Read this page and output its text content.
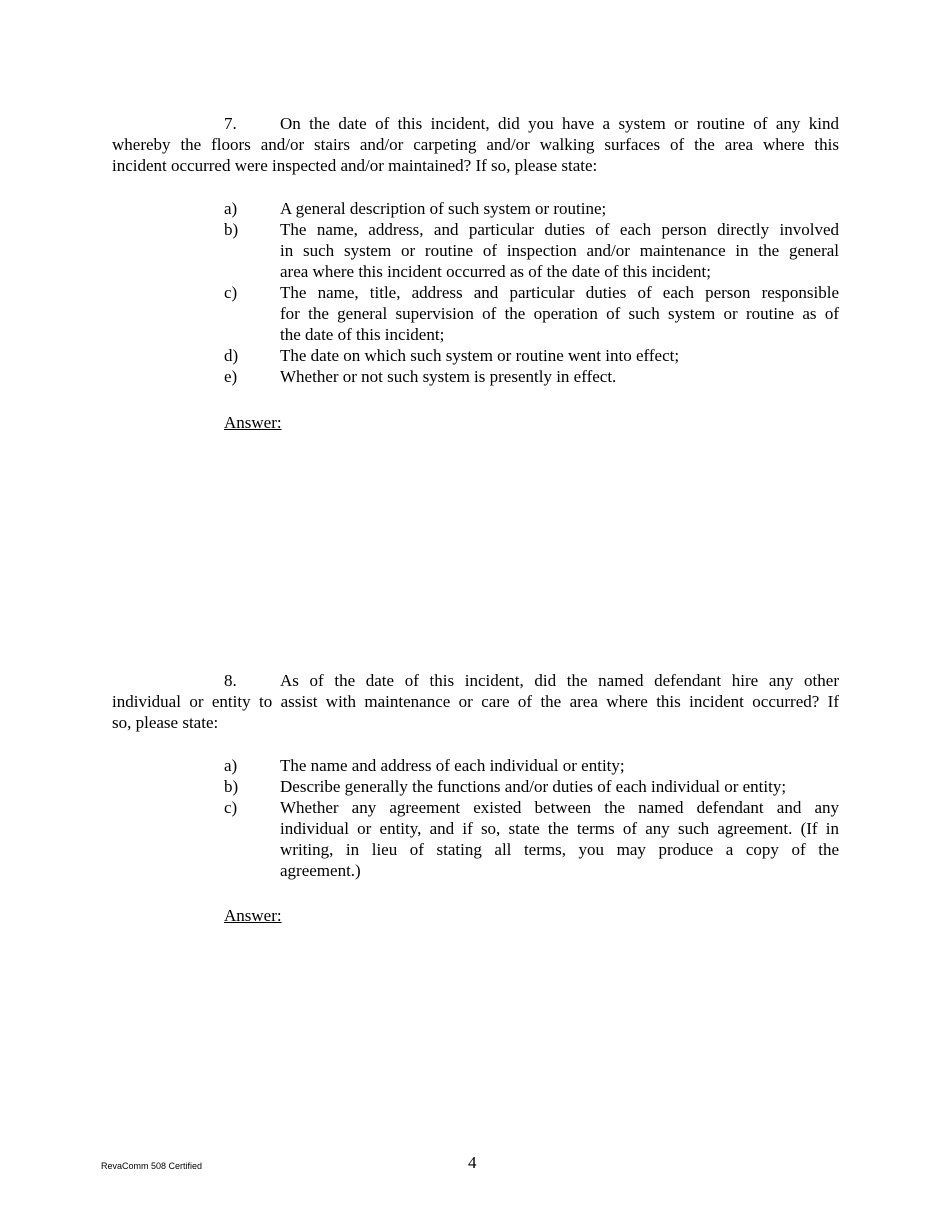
7.	On the date of this incident, did you have a system or routine of any kind
whereby the floors and/or stairs and/or carpeting and/or walking surfaces of the area where this
incident occurred were inspected and/or maintained? If so, please state:
a)	A general description of such system or routine;
b)	The name, address, and particular duties of each person directly involved
in such system or routine of inspection and/or maintenance in the general
area where this incident occurred as of the date of this incident;
c)	The name, title, address and particular duties of each person responsible
for the general supervision of the operation of such system or routine as of
the date of this incident;
d)	The date on which such system or routine went into effect;
e)	Whether or not such system is presently in effect.
Answer:
8.	As of the date of this incident, did the named defendant hire any other
individual or entity to assist with maintenance or care of the area where this incident occurred? If
so, please state:
a)	The name and address of each individual or entity;
b)	Describe generally the functions and/or duties of each individual or entity;
c)	Whether any agreement existed between the named defendant and any
individual or entity, and if so, state the terms of any such agreement. (If in
writing, in lieu of stating all terms, you may produce a copy of the
agreement.)
Answer:
RevaComm 508 Certified	4
